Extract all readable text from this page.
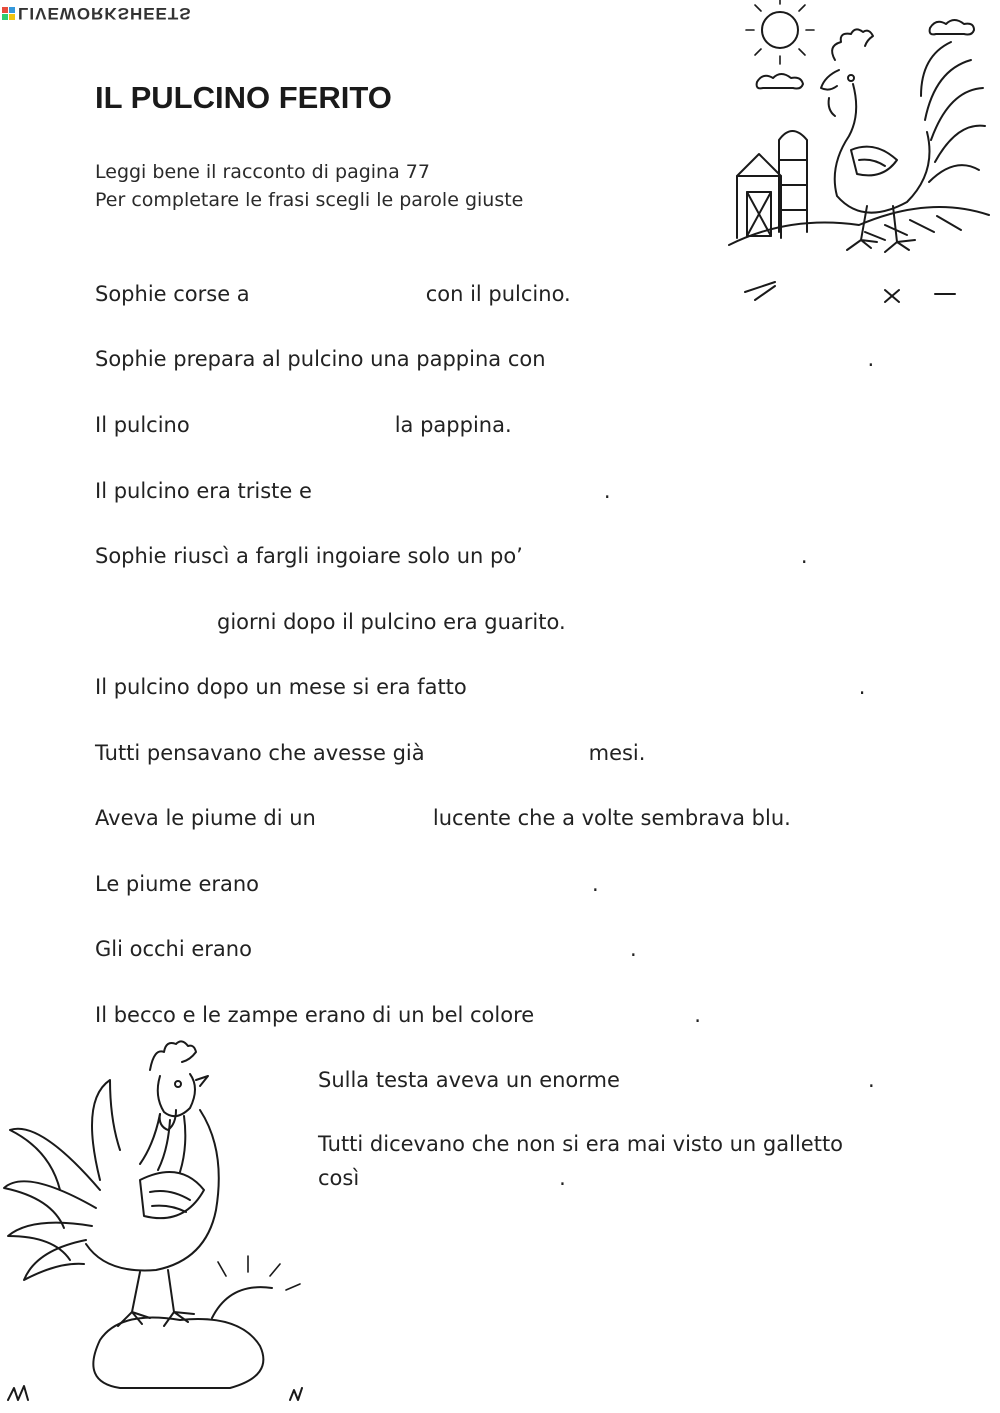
LIVEWORKSHEETS
IL PULCINO FERITO
Leggi bene il racconto di pagina 77
Per completare le frasi scegli le parole giuste
Sophie corse a	con il pulcino.
Sophie prepara al pulcino una pappina con	.
Il pulcino	la pappina.
Il pulcino era triste e	.
Sophie riuscì a fargli ingoiare solo un po’	.
giorni dopo il pulcino era guarito.
Il pulcino dopo un mese si era fatto	.
Tutti pensavano che avesse già	mesi.
Aveva le piume di un	lucente che a volte sembrava blu.
Le piume erano	.
Gli occhi erano	.
Il becco e le zampe erano di un bel colore	.
Sulla testa aveva un enorme	.
Tutti dicevano che non si era mai visto un galletto
così	.
